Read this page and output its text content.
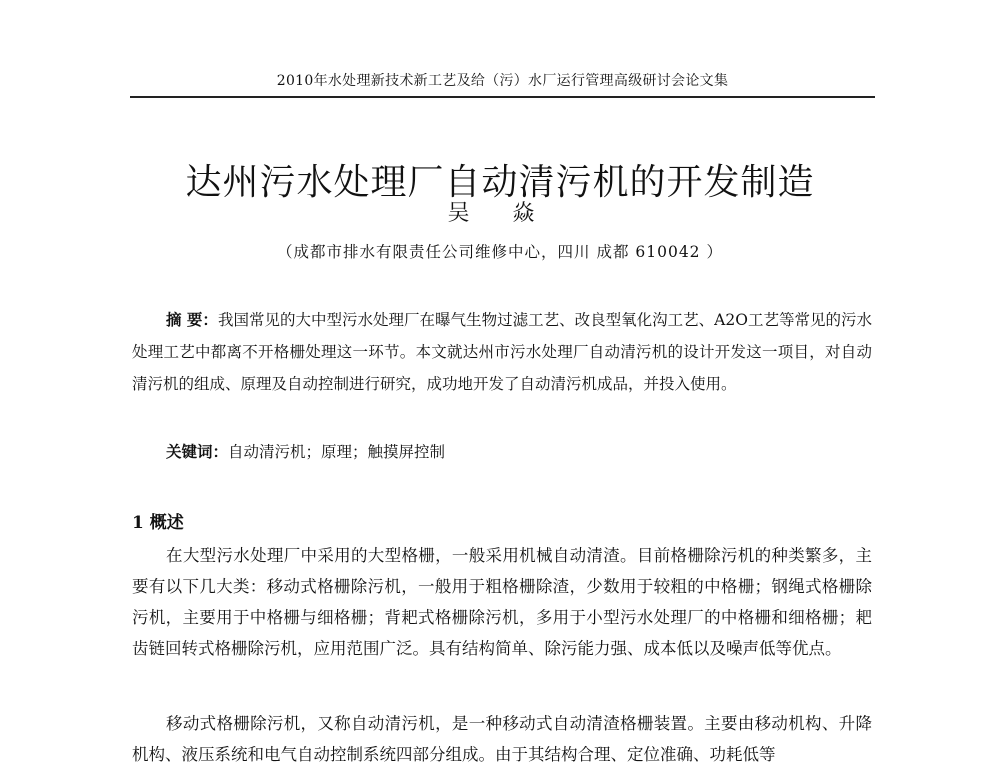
2010年水处理新技术新工艺及给（污）水厂运行管理高级研讨会论文集
达州污水处理厂自动清污机的开发制造
吴 焱
（成都市排水有限责任公司维修中心，四川 成都 610042 ）

摘 要：我国常见的大中型污水处理厂在曝气生物过滤工艺、改良型氧化沟工艺、A2O工艺等常见的污水处理工艺中都离不开格栅处理这一环节。本文就达州市污水处理厂自动清污机的设计开发这一项目，对自动清污机的组成、原理及自动控制进行研究，成功地开发了自动清污机成品，并投入使用。

关键词：自动清污机；原理；触摸屏控制

1 概述

在大型污水处理厂中采用的大型格栅，一般采用机械自动清渣。目前格栅除污机的种类繁多，主要有以下几大类：移动式格栅除污机，一般用于粗格栅除渣，少数用于较粗的中格栅；钢绳式格栅除污机，主要用于中格栅与细格栅；背耙式格栅除污机，多用于小型污水处理厂的中格栅和细格栅；耙齿链回转式格栅除污机，应用范围广泛。具有结构简单、除污能力强、成本低以及噪声低等优点。

移动式格栅除污机，又称自动清污机，是一种移动式自动清渣格栅装置。主要由移动机构、升降机构、液压系统和电气自动控制系统四部分组成。由于其结构合理、定位准确、功耗低等
